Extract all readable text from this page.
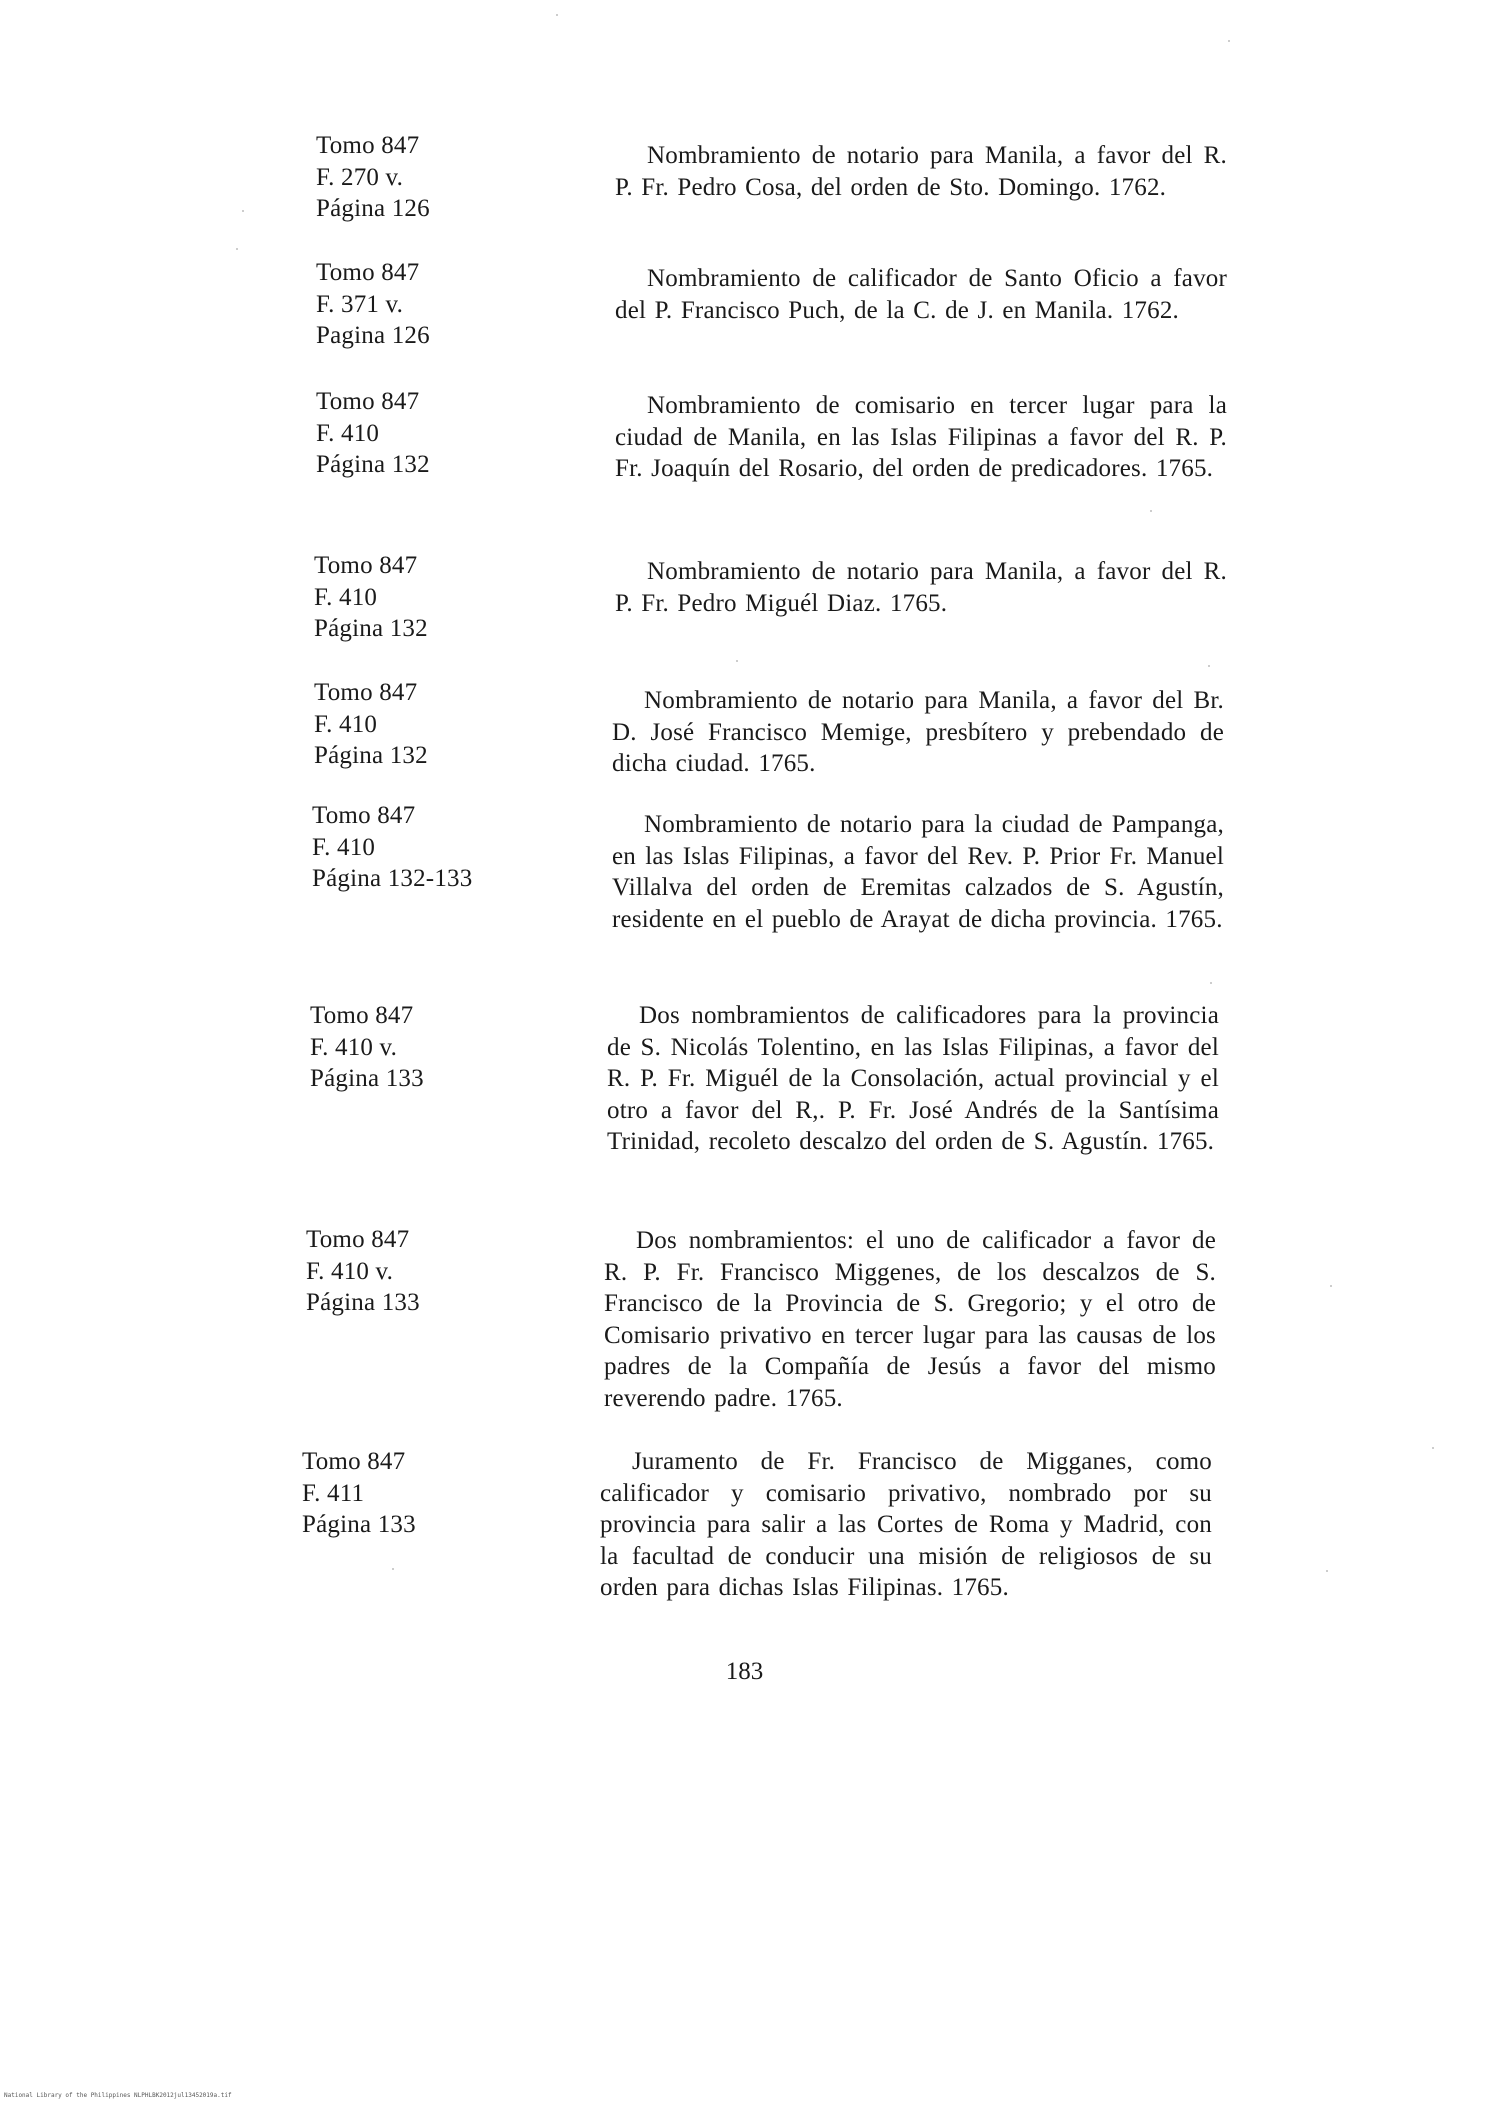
Tomo 847
F. 270 v.
Página 126
Nombramiento de notario para Manila, a favor del R. P. Fr. Pedro Cosa, del orden de Sto. Domingo. 1762.
Tomo 847
F. 371 v.
Pagina 126
Nombramiento de calificador de Santo Oficio a favor del P. Francisco Puch, de la C. de J. en Manila. 1762.
Tomo 847
F. 410
Página 132
Nombramiento de comisario en tercer lugar para la ciudad de Manila, en las Islas Filipinas a favor del R. P. Fr. Joaquín del Rosario, del orden de predicadores. 1765.
Tomo 847
F. 410
Página 132
Nombramiento de notario para Manila, a favor del R. P. Fr. Pedro Miguél Diaz. 1765.
Tomo 847
F. 410
Página 132
Nombramiento de notario para Manila, a favor del Br. D. José Francisco Memige, presbítero y prebendado de dicha ciudad. 1765.
Tomo 847
F. 410
Página 132-133
Nombramiento de notario para la ciudad de Pampanga, en las Islas Filipinas, a favor del Rev. P. Prior Fr. Manuel Villalva del orden de Eremitas calzados de S. Agustín, residente en el pueblo de Arayat de dicha provincia. 1765.
Tomo 847
F. 410 v.
Página 133
Dos nombramientos de calificadores para la provincia de S. Nicolás Tolentino, en las Islas Filipinas, a favor del R. P. Fr. Miguél de la Consolación, actual provincial y el otro a favor del R,. P. Fr. José Andrés de la Santísima Trinidad, recoleto descalzo del orden de S. Agustín. 1765.
Tomo 847
F. 410 v.
Página 133
Dos nombramientos: el uno de calificador a favor de R. P. Fr. Francisco Miggenes, de los descalzos de S. Francisco de la Provincia de S. Gregorio; y el otro de Comisario privativo en tercer lugar para las causas de los padres de la Compañía de Jesús a favor del mismo reverendo padre. 1765.
Tomo 847
F. 411
Página 133
Juramento de Fr. Francisco de Migganes, como calificador y comisario privativo, nombrado por su provincia para salir a las Cortes de Roma y Madrid, con la facultad de conducir una misión de religiosos de su orden para dichas Islas Filipinas. 1765.
183
National Library of the Philippines NLPHLBK2012jul13452019a.tif
